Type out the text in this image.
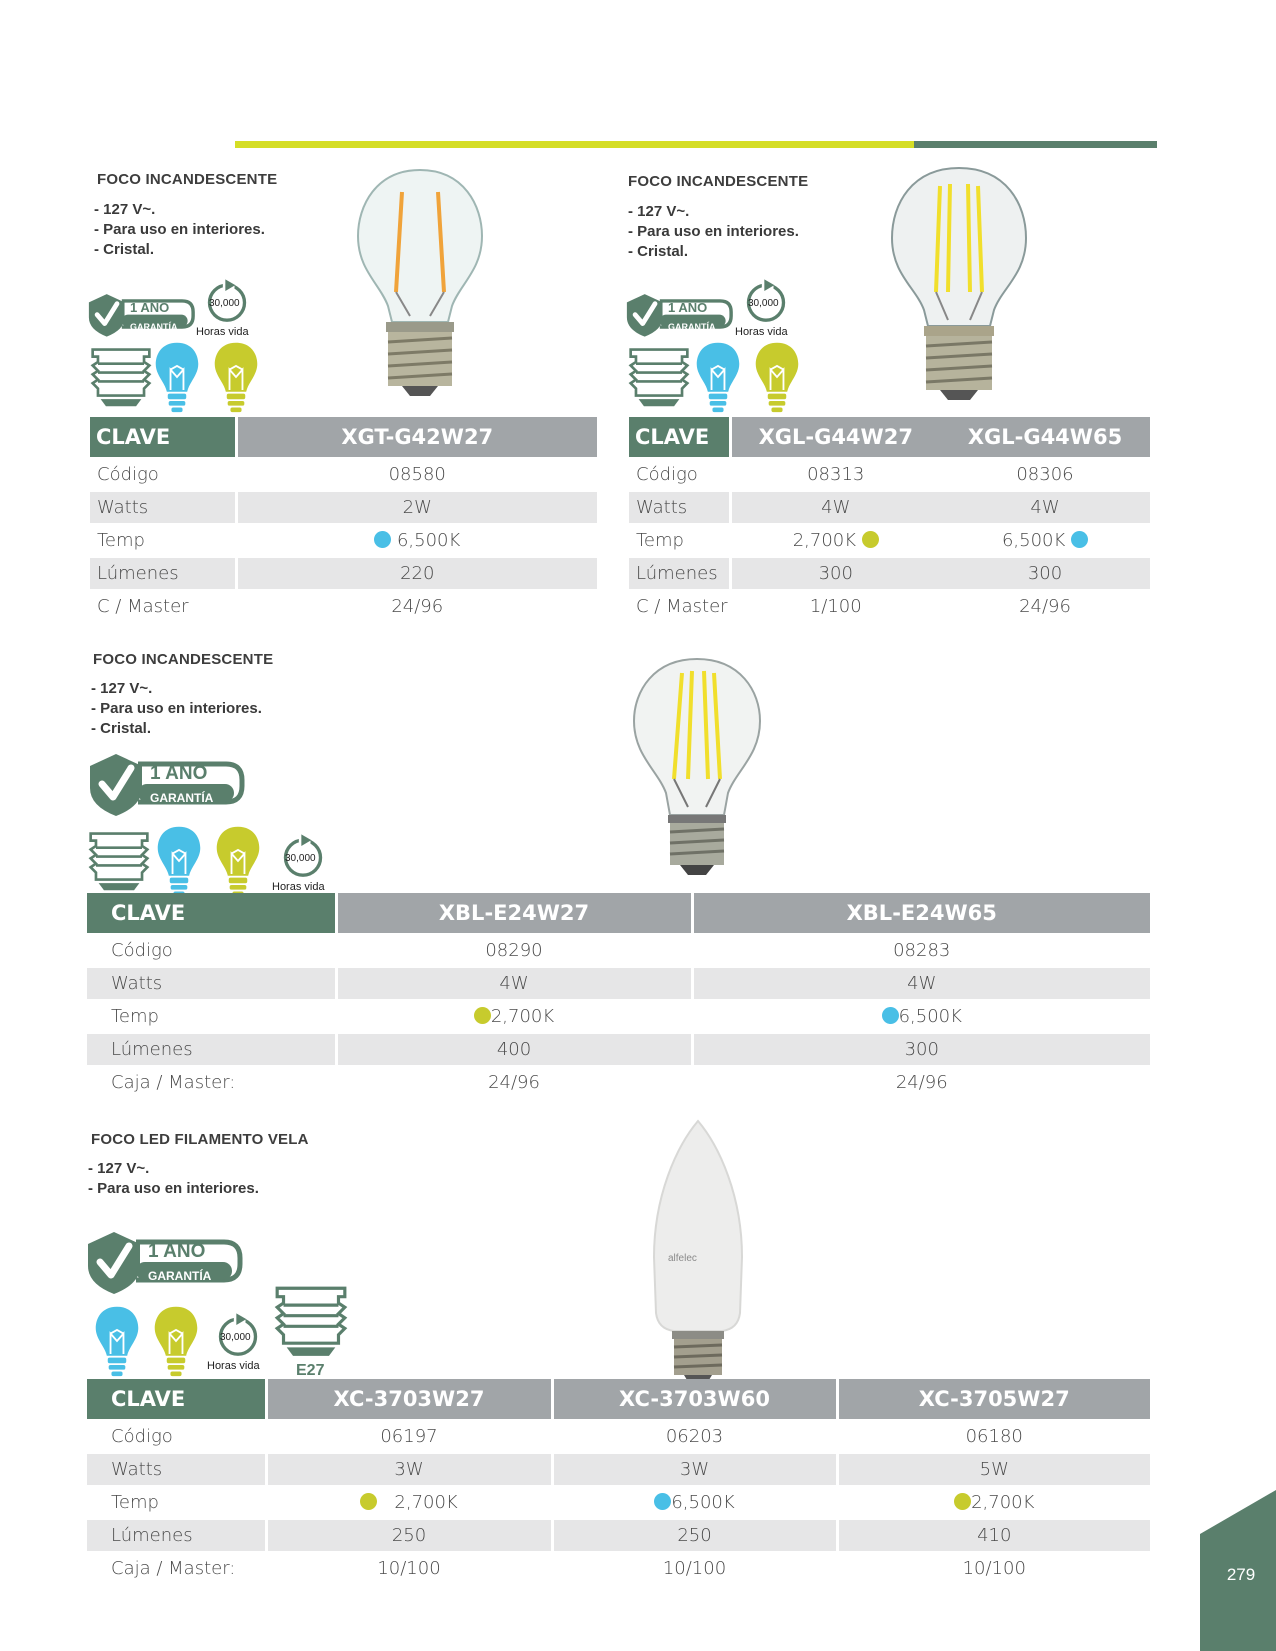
FOCO INCANDESCENTE
- 127 V~.
- Para uso en interiores.
- Cristal.
1 AÑO
GARANTÍA
30,000
Horas vida
CLAVE	XGT-G42W27
Código	08580
Watts	2W
Temp	6,500K
Lúmenes	220
C / Master	24/96
FOCO INCANDESCENTE
- 127 V~.
- Para uso en interiores.
- Cristal.
1 AÑO
GARANTÍA
30,000
Horas vida
CLAVE	XGL-G44W27	XGL-G44W65
Código	08313	08306
Watts	4W	4W
Temp	2,700K	6,500K
Lúmenes	300	300
C / Master	1/100	24/96
FOCO INCANDESCENTE
- 127 V~.
- Para uso en interiores.
- Cristal.
1 AÑO
GARANTÍA
30,000
Horas vida
CLAVE	XBL-E24W27	XBL-E24W65
Código	08290	08283
Watts	4W	4W
Temp	2,700K	6,500K
Lúmenes	400	300
Caja / Master:	24/96	24/96
FOCO LED FILAMENTO VELA
- 127 V~.
- Para uso en interiores.
1 AÑO
GARANTÍA
30,000
Horas vida E27
alfelec
CLAVE	XC-3703W27	XC-3703W60	XC-3705W27
Código	06197	06203	06180
Watts	3W	3W	5W
Temp	2,700K	6,500K	2,700K
Lúmenes	250	250	410
Caja / Master:	10/100	10/100	10/100	279
